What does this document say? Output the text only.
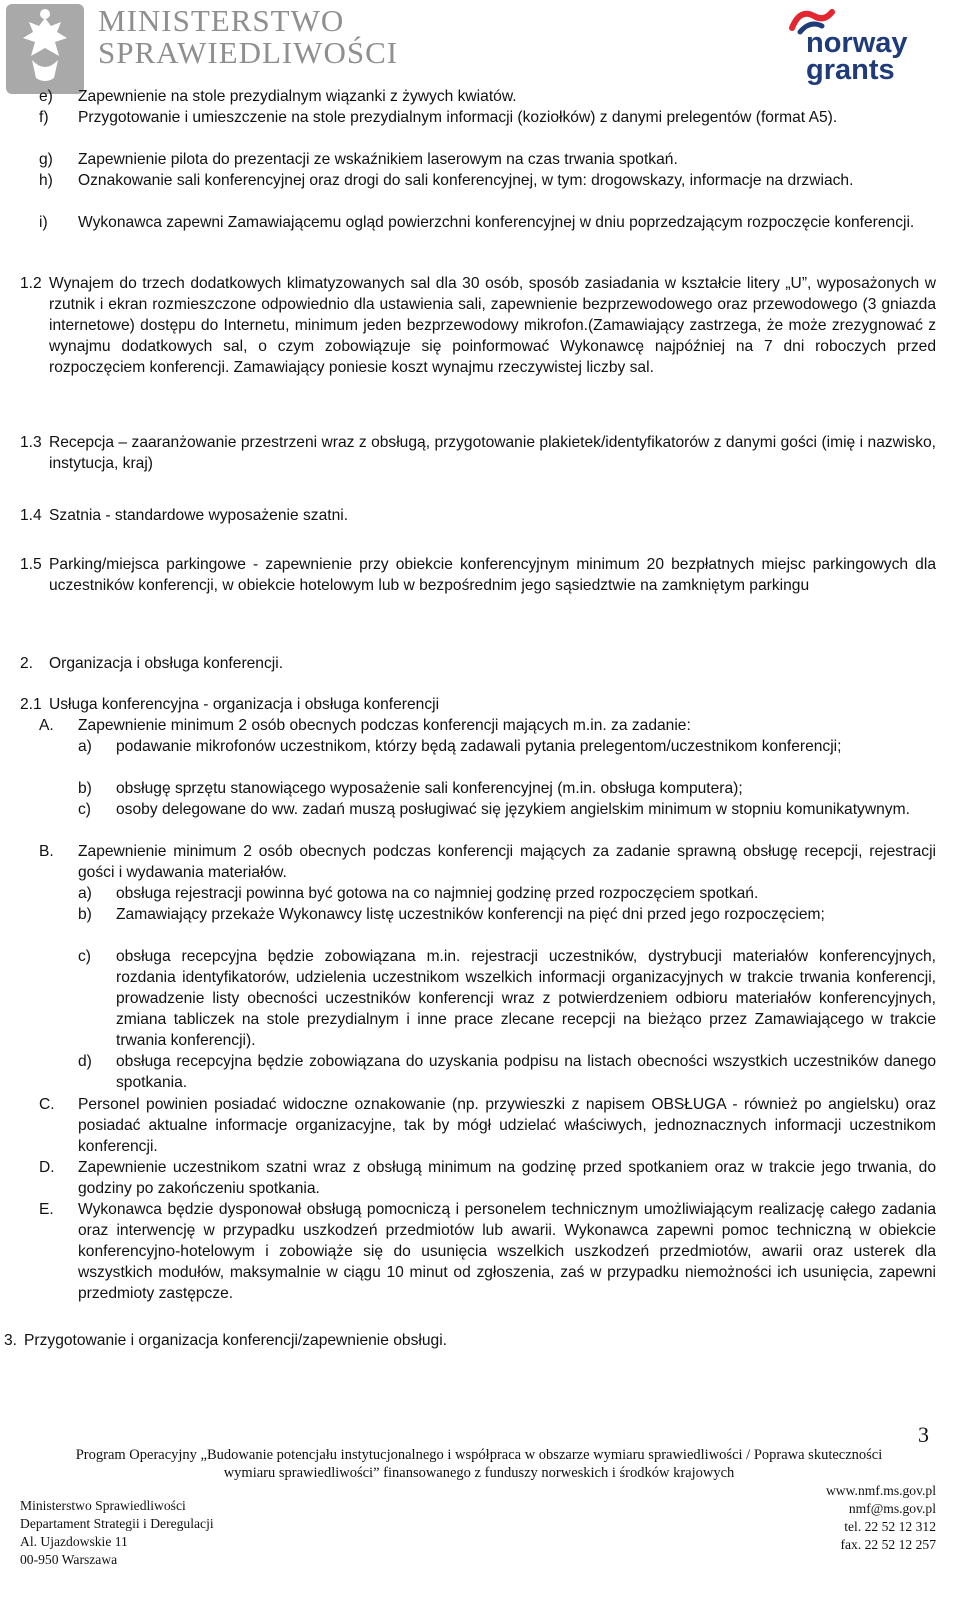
MINISTERSTWO
SPRAWIEDLIWOŚCI	norway
grants
e) Zapewnienie na stole prezydialnym wiązanki z żywych kwiatów.
f) Przygotowanie i umieszczenie na stole prezydialnym informacji (koziołków) z danymi prelegentów (format A5).
g) Zapewnienie pilota do prezentacji ze wskaźnikiem laserowym na czas trwania spotkań.
h) Oznakowanie sali konferencyjnej oraz drogi do sali konferencyjnej, w tym: drogowskazy, informacje na drzwiach.
i) Wykonawca zapewni Zamawiającemu ogląd powierzchni konferencyjnej w dniu poprzedzającym rozpoczęcie konferencji.
1.2 Wynajem do trzech dodatkowych klimatyzowanych sal dla 30 osób, sposób zasiadania w kształcie litery „U”, wyposażonych w rzutnik i ekran rozmieszczone odpowiednio dla ustawienia sali, zapewnienie bezprzewodowego oraz przewodowego (3 gniazda internetowe) dostępu do Internetu, minimum jeden bezprzewodowy mikrofon.(Zamawiający zastrzega, że może zrezygnować z wynajmu dodatkowych sal, o czym zobowiązuje się poinformować Wykonawcę najpóźniej na 7 dni roboczych przed rozpoczęciem konferencji. Zamawiający poniesie koszt wynajmu rzeczywistej liczby sal.
1.3 Recepcja – zaaranżowanie przestrzeni wraz z obsługą, przygotowanie plakietek/identyfikatorów z danymi gości (imię i nazwisko, instytucja, kraj)
1.4 Szatnia - standardowe wyposażenie szatni.
1.5 Parking/miejsca parkingowe - zapewnienie przy obiekcie konferencyjnym minimum 20 bezpłatnych miejsc parkingowych dla uczestników konferencji, w obiekcie hotelowym lub w bezpośrednim jego sąsiedztwie na zamkniętym parkingu
2. Organizacja i obsługa konferencji.
2.1 Usługa konferencyjna - organizacja i obsługa konferencji
A. Zapewnienie minimum 2 osób obecnych podczas konferencji mających m.in. za zadanie:
a) podawanie mikrofonów uczestnikom, którzy będą zadawali pytania prelegentom/uczestnikom konferencji;
b) obsługę sprzętu stanowiącego wyposażenie sali konferencyjnej (m.in. obsługa komputera);
c) osoby delegowane do ww. zadań muszą posługiwać się językiem angielskim minimum w stopniu komunikatywnym.
B. Zapewnienie minimum 2 osób obecnych podczas konferencji mających za zadanie sprawną obsługę recepcji, rejestracji gości i wydawania materiałów.
a) obsługa rejestracji powinna być gotowa na co najmniej godzinę przed rozpoczęciem spotkań.
b) Zamawiający przekaże Wykonawcy listę uczestników konferencji na pięć dni przed jego rozpoczęciem;
c) obsługa recepcyjna będzie zobowiązana m.in. rejestracji uczestników, dystrybucji materiałów konferencyjnych, rozdania identyfikatorów, udzielenia uczestnikom wszelkich informacji organizacyjnych w trakcie trwania konferencji, prowadzenie listy obecności uczestników konferencji wraz z potwierdzeniem odbioru materiałów konferencyjnych, zmiana tabliczek na stole prezydialnym i inne prace zlecane recepcji na bieżąco przez Zamawiającego w trakcie trwania konferencji).
d) obsługa recepcyjna będzie zobowiązana do uzyskania podpisu na listach obecności wszystkich uczestników danego spotkania.
C. Personel powinien posiadać widoczne oznakowanie (np. przywieszki z napisem OBSŁUGA - również po angielsku) oraz posiadać aktualne informacje organizacyjne, tak by mógł udzielać właściwych, jednoznacznych informacji uczestnikom konferencji.
D. Zapewnienie uczestnikom szatni wraz z obsługą minimum na godzinę przed spotkaniem oraz w trakcie jego trwania, do godziny po zakończeniu spotkania.
E. Wykonawca będzie dysponował obsługą pomocniczą i personelem technicznym umożliwiającym realizację całego zadania oraz interwencję w przypadku uszkodzeń przedmiotów lub awarii. Wykonawca zapewni pomoc techniczną w obiekcie konferencyjno-hotelowym i zobowiąże się do usunięcia wszelkich uszkodzeń przedmiotów, awarii oraz usterek dla wszystkich modułów, maksymalnie w ciągu 10 minut od zgłoszenia, zaś w przypadku niemożności ich usunięcia, zapewni przedmioty zastępcze.
3. Przygotowanie i organizacja konferencji/zapewnienie obsługi.
3
Program Operacyjny „Budowanie potencjału instytucjonalnego i współpraca w obszarze wymiaru sprawiedliwości / Poprawa skuteczności
wymiaru sprawiedliwości” finansowanego z funduszy norweskich i środków krajowych
Ministerstwo Sprawiedliwości
Departament Strategii i Deregulacji
Al. Ujazdowskie 11
00-950 Warszawa
www.nmf.ms.gov.pl
nmf@ms.gov.pl
tel. 22 52 12 312
fax. 22 52 12 257
